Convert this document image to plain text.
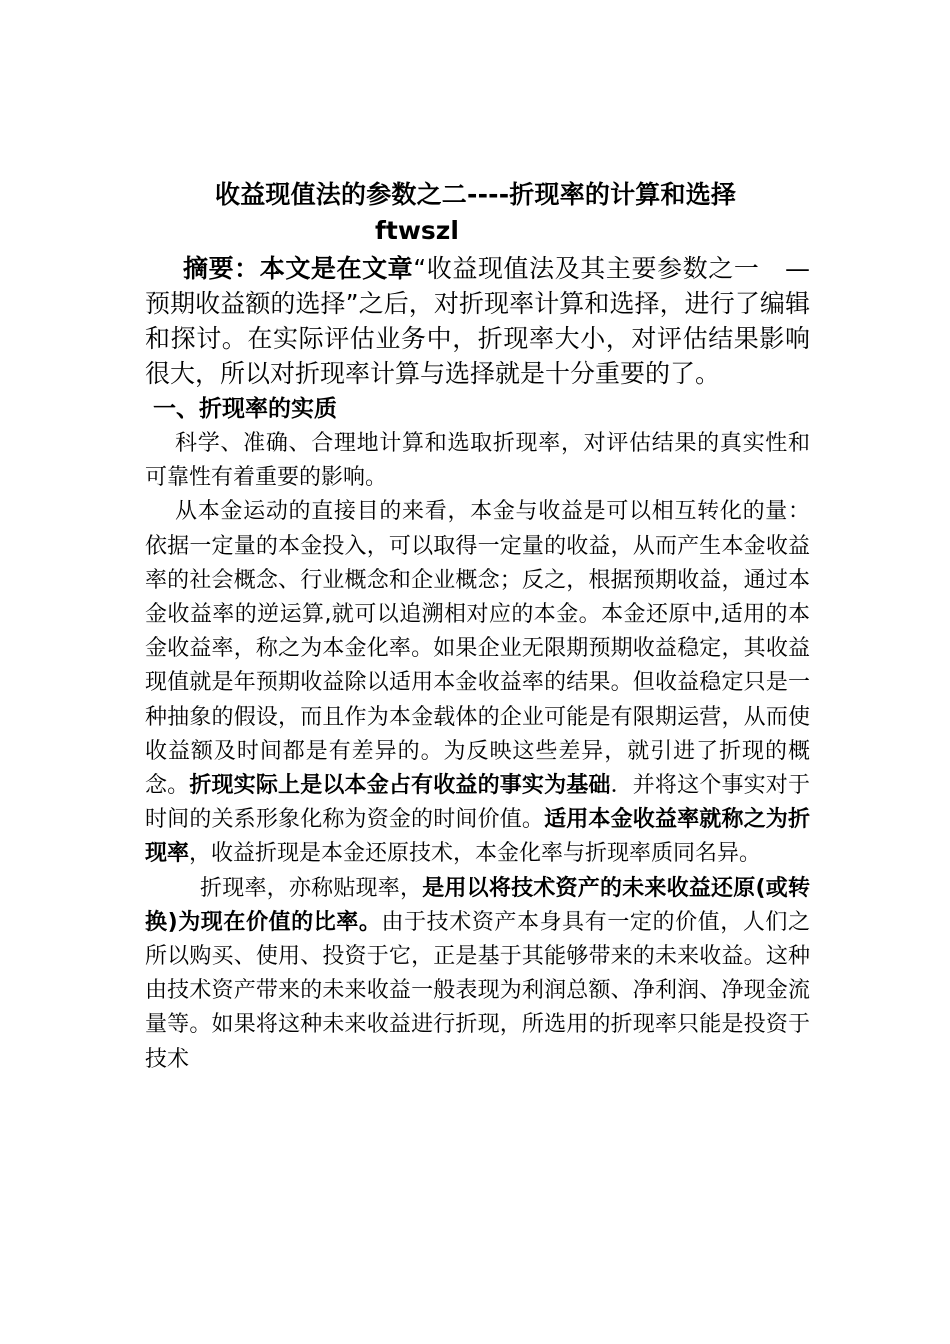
收益现值法的参数之二----折现率的计算和选择

ftwszl

摘要：本文是在文章“收益现值法及其主要参数之一　—预期收益额的选择”之后，对折现率计算和选择，进行了编辑和探讨。在实际评估业务中，折现率大小，对评估结果影响很大，所以对折现率计算与选择就是十分重要的了。

一、折现率的实质

科学、准确、合理地计算和选取折现率，对评估结果的真实性和可靠性有着重要的影响。

从本金运动的直接目的来看，本金与收益是可以相互转化的量：依据一定量的本金投入，可以取得一定量的收益，从而产生本金收益率的社会概念、行业概念和企业概念；反之，根据预期收益，通过本金收益率的逆运算,就可以追溯相对应的本金。本金还原中,适用的本金收益率，称之为本金化率。如果企业无限期预期收益稳定，其收益现值就是年预期收益除以适用本金收益率的结果。但收益稳定只是一种抽象的假设，而且作为本金载体的企业可能是有限期运营，从而使收益额及时间都是有差异的。为反映这些差异，就引进了折现的概念。折现实际上是以本金占有收益的事实为基础．并将这个事实对于时间的关系形象化称为资金的时间价值。适用本金收益率就称之为折现率，收益折现是本金还原技术，本金化率与折现率质同名异。

折现率，亦称贴现率，是用以将技术资产的未来收益还原(或转换)为现在价值的比率。由于技术资产本身具有一定的价值，人们之所以购买、使用、投资于它，正是基于其能够带来的未来收益。这种由技术资产带来的未来收益一般表现为利润总额、净利润、净现金流量等。如果将这种未来收益进行折现，所选用的折现率只能是投资于技术
